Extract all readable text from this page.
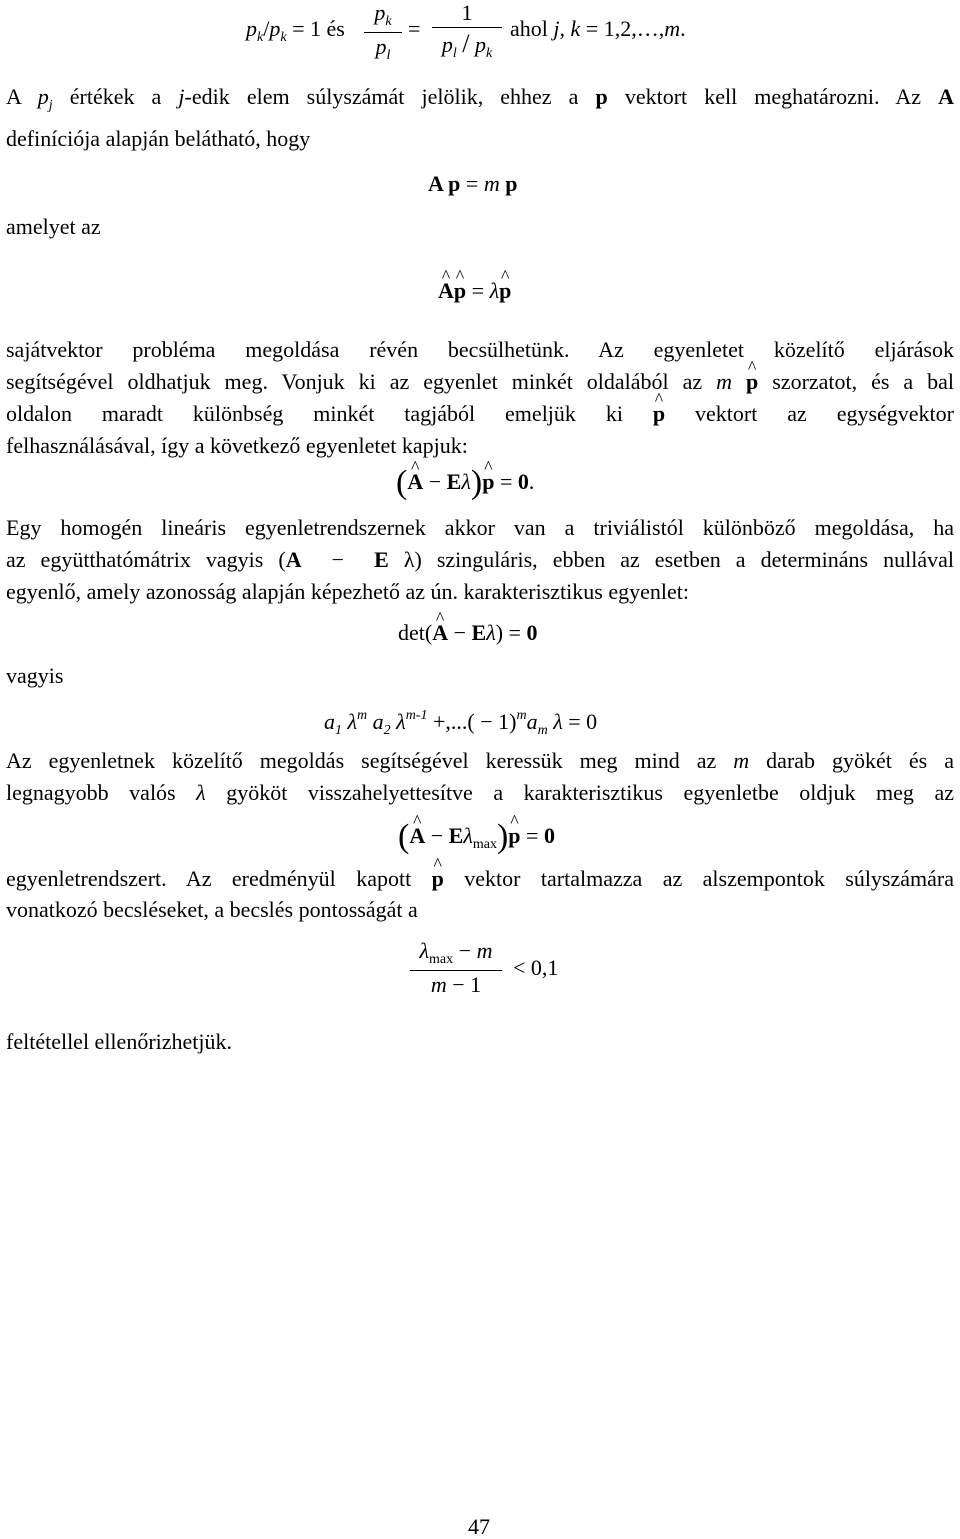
$p_k/p_k = 1$ és $\frac{p_k}{p_l} = \frac{1}{p_l / p_k}$ ahol j, k = 1,2,…,m.
A $p_j$ értékek a j-edik elem súlyszámát jelölik, ehhez a p vektort kell meghatározni. Az A
definíciója alapján belátható, hogy
A p = m p
amelyet az
^ A^ p = λ^ p
sajátvektor probléma megoldása révén becsülhetünk. Az egyenletet közelítő eljárások
segítségével oldhatjuk meg. Vonjuk ki az egyenlet minkét oldalából az m ^ p szorzatot, és a bal
oldalon maradt különbség minkét tagjából emeljük ki ^ p vektort az egységvektor
felhasználásával, így a következő egyenletet kapjuk:
(^ A − Eλ)^ p = 0.
Egy homogén lineáris egyenletrendszernek akkor van a triviálistól különböző megoldása, ha
az együtthatómátrix vagyis (A  −  E λ) szinguláris, ebben az esetben a determináns nullával
egyenlő, amely azonosság alapján képezhető az ún. karakterisztikus egyenlet:
det(^ A − Eλ) = 0
vagyis
$a_1$ $\lambda^m$ $a_2$ $\lambda^{m-1}$ +,...( − $1)^ma_m$ λ = 0
Az egyenletnek közelítő megoldás segítségével keressük meg mind az m darab gyökét és a
legnagyobb valós λ gyököt visszahelyettesítve a karakterisztikus egyenletbe oldjuk meg az
(^ $A - E\lambda_{max})\^{}$ p = 0
egyenletrendszert. Az eredményül kapott ^ p vektor tartalmazza az alszempontok súlyszámára
vonatkozó becsléseket, a becslés pontosságát a
$\frac{\lambda_{max} - m}{m - 1} < 0,1$
feltétellel ellenőrizhetjük.
47
